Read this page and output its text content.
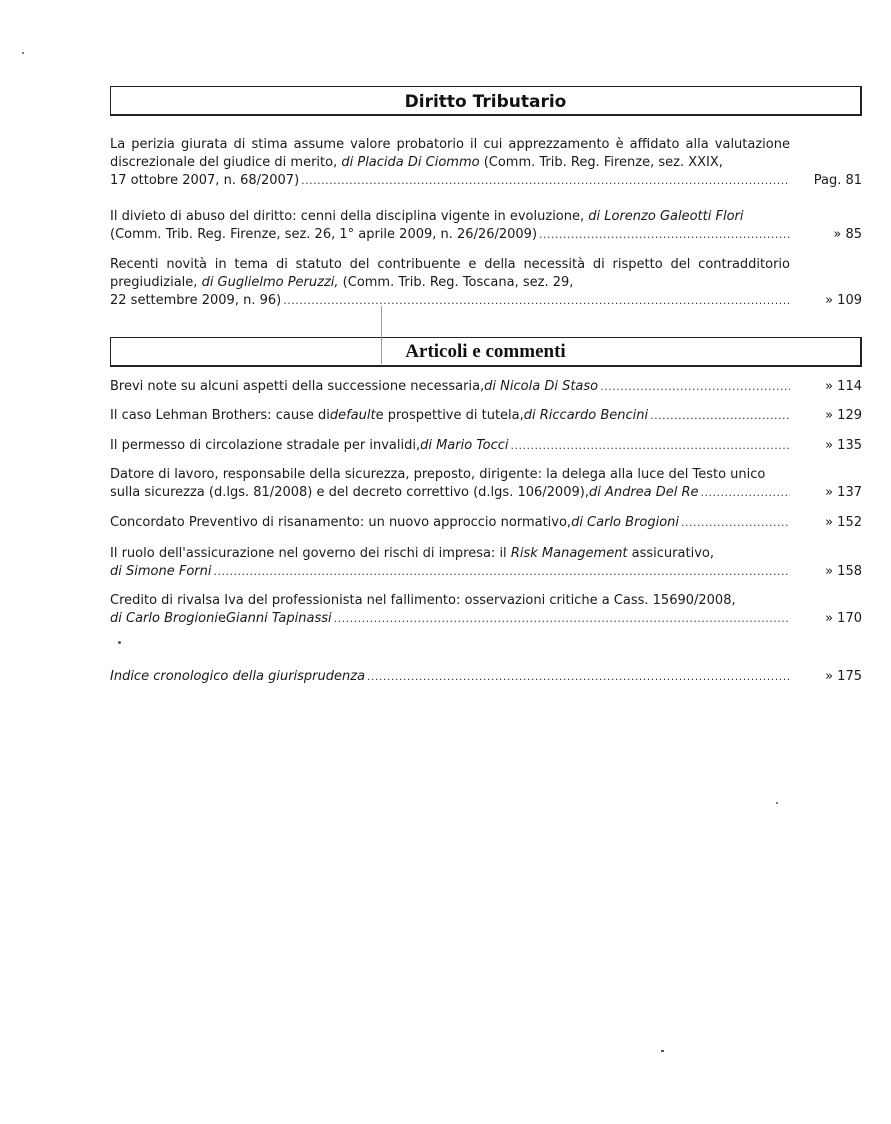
Diritto Tributario
La perizia giurata di stima assume valore probatorio il cui apprezzamento è affidato alla valutazione discrezionale del giudice di merito, di Placida Di Ciommo (Comm. Trib. Reg. Firenze, sez. XXIX,
17 ottobre 2007, n. 68/2007) .....	Pag. 81
Il divieto di abuso del diritto: cenni della disciplina vigente in evoluzione, di Lorenzo Galeotti Flori
(Comm. Trib. Reg. Firenze, sez. 26, 1° aprile 2009, n. 26/26/2009) .....	» 85
Recenti novità in tema di statuto del contribuente e della necessità di rispetto del contradditorio pregiudiziale, di Guglielmo Peruzzi, (Comm. Trib. Reg. Toscana, sez. 29,
22 settembre 2009, n. 96) .....	» 109
Articoli e commenti
Brevi note su alcuni aspetti della successione necessaria, di Nicola Di Staso .....	» 114
Il caso Lehman Brothers: cause di default e prospettive di tutela, di Riccardo Bencini .....	» 129
Il permesso di circolazione stradale per invalidi, di Mario Tocci .....	» 135
Datore di lavoro, responsabile della sicurezza, preposto, dirigente: la delega alla luce del Testo unico
sulla sicurezza (d.lgs. 81/2008) e del decreto correttivo (d.lgs. 106/2009), di Andrea Del Re .....	» 137
Concordato Preventivo di risanamento: un nuovo approccio normativo, di Carlo Brogioni .....	» 152
Il ruolo dell'assicurazione nel governo dei rischi di impresa: il Risk Management assicurativo,
di Simone Forni .....	» 158
Credito di rivalsa Iva del professionista nel fallimento: osservazioni critiche a Cass. 15690/2008,
di Carlo Brogioni e Gianni Tapinassi .....	» 170
Indice cronologico della giurisprudenza .....	» 175
